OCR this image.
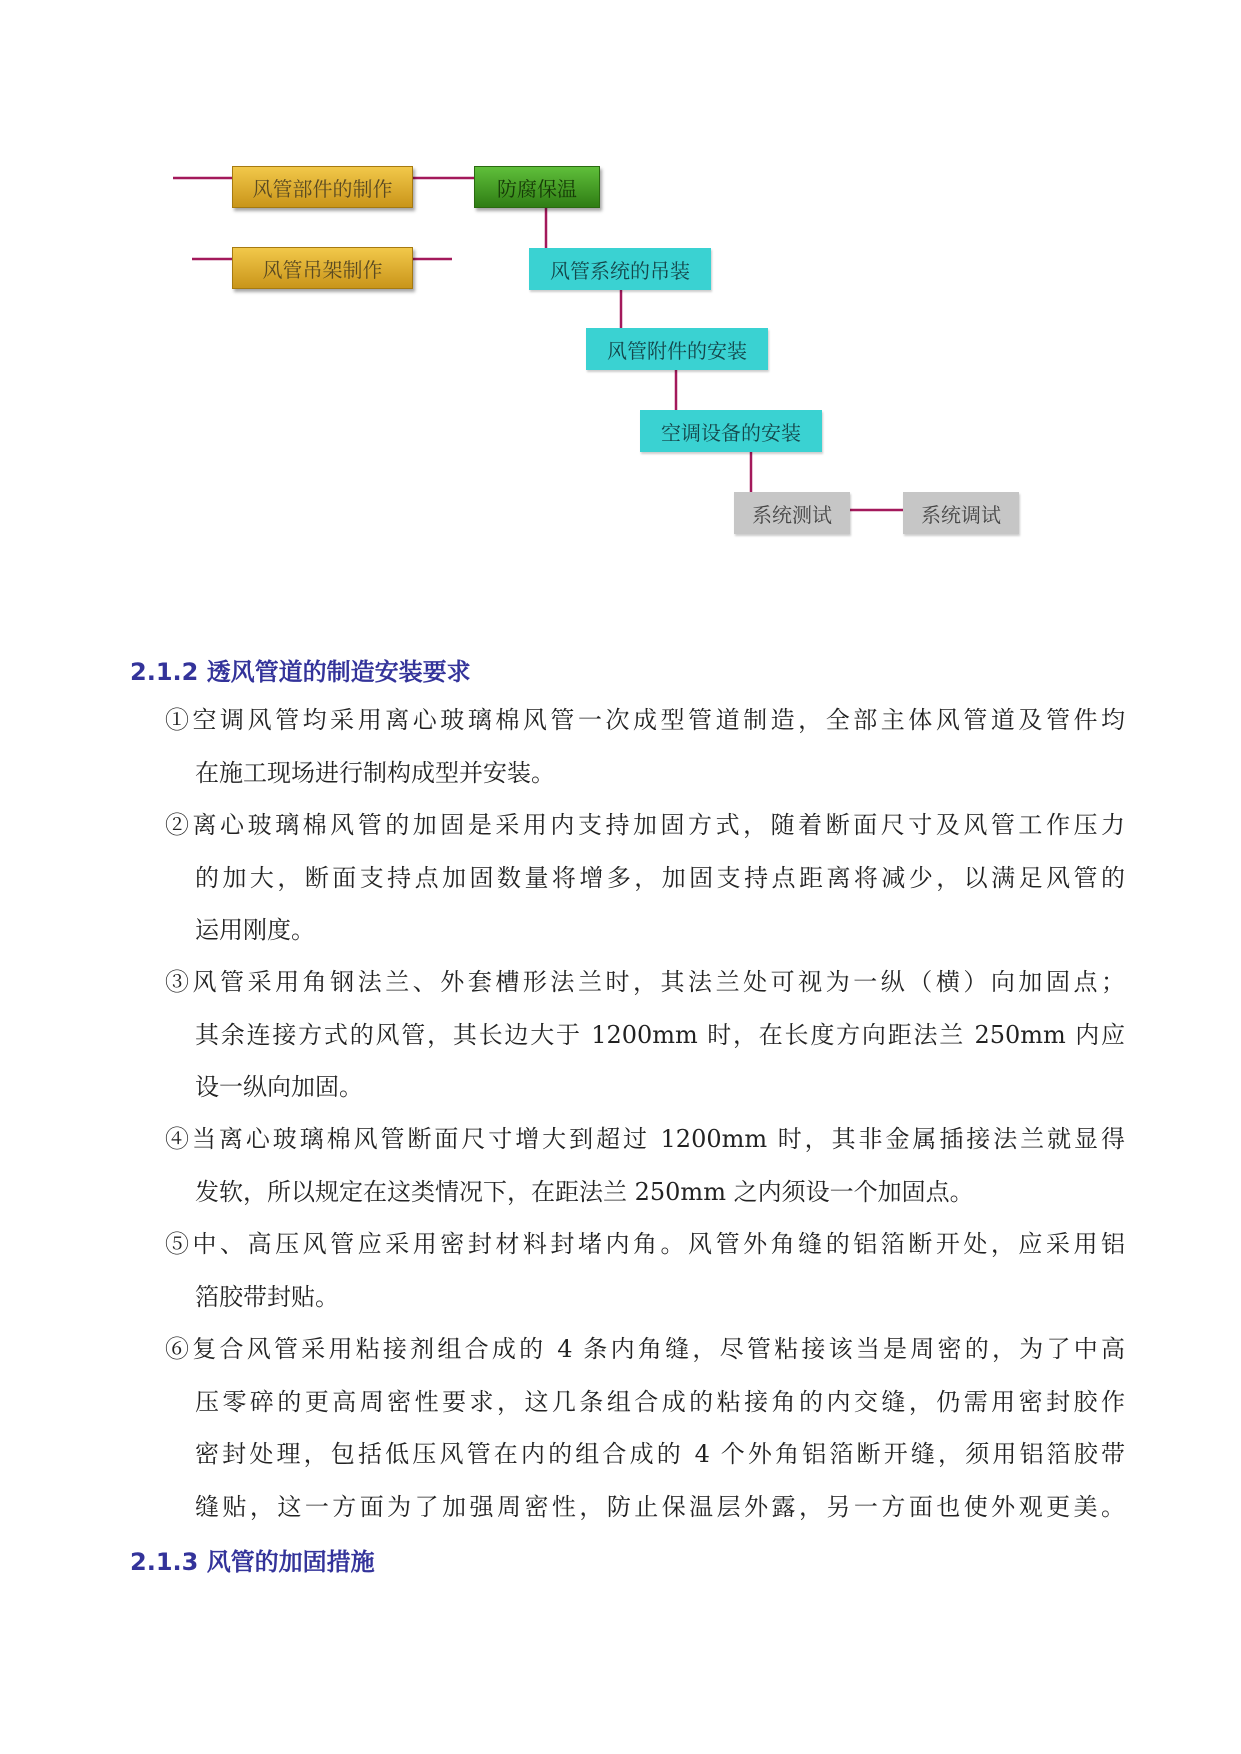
风管部件的制作	防腐保温
风管吊架制作	风管系统的吊装
风管附件的安装
空调设备的安装
系统测试	系统调试
2.1.2 透风管道的制造安装要求
①空调风管均采用离心玻璃棉风管一次成型管道制造，全部主体风管道及管件均
在施工现场进行制构成型并安装。
②离心玻璃棉风管的加固是采用内支持加固方式，随着断面尺寸及风管工作压力
的加大，断面支持点加固数量将增多，加固支持点距离将减少，以满足风管的
运用刚度。
③风管采用角钢法兰、外套槽形法兰时，其法兰处可视为一纵（横）向加固点；
其余连接方式的风管，其长边大于 1200mm 时，在长度方向距法兰 250mm 内应
设一纵向加固。
④当离心玻璃棉风管断面尺寸增大到超过 1200mm 时，其非金属插接法兰就显得
发软，所以规定在这类情况下，在距法兰 250mm 之内须设一个加固点。
⑤中、高压风管应采用密封材料封堵内角。风管外角缝的铝箔断开处，应采用铝
箔胶带封贴。
⑥复合风管采用粘接剂组合成的 4 条内角缝，尽管粘接该当是周密的，为了中高
压零碎的更高周密性要求，这几条组合成的粘接角的内交缝，仍需用密封胶作
密封处理，包括低压风管在内的组合成的 4 个外角铝箔断开缝，须用铝箔胶带
缝贴，这一方面为了加强周密性，防止保温层外露，另一方面也使外观更美。
2.1.3 风管的加固措施
